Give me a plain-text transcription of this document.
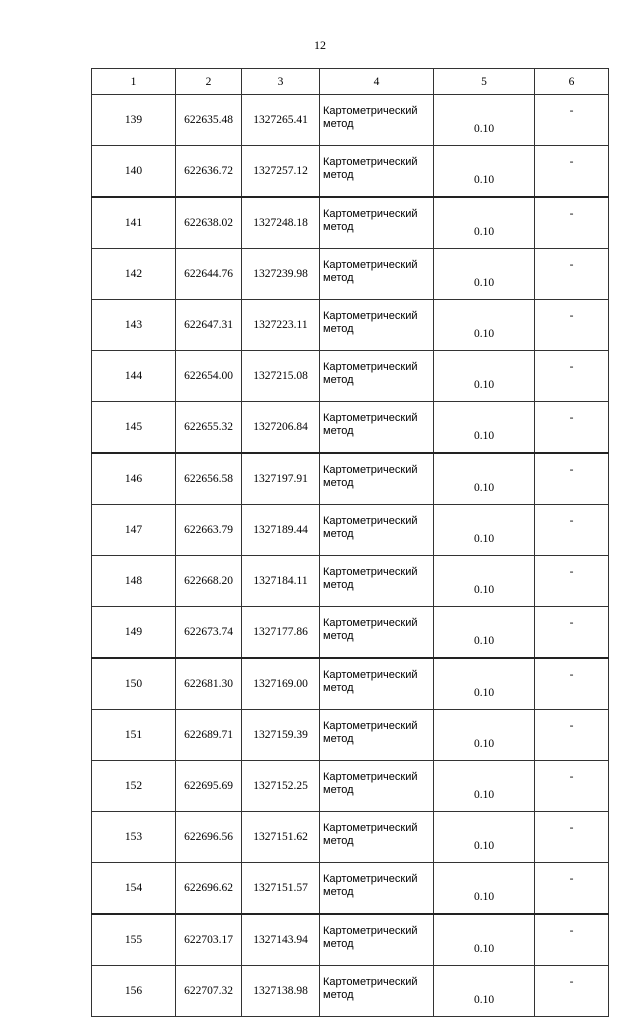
12
1	2	3	4	5	6
139	622635.48	1327265.41	Картометрический метод	0.10	-
140	622636.72	1327257.12	Картометрический метод	0.10	-
141	622638.02	1327248.18	Картометрический метод	0.10	-
142	622644.76	1327239.98	Картометрический метод	0.10	-
143	622647.31	1327223.11	Картометрический метод	0.10	-
144	622654.00	1327215.08	Картометрический метод	0.10	-
145	622655.32	1327206.84	Картометрический метод	0.10	-
146	622656.58	1327197.91	Картометрический метод	0.10	-
147	622663.79	1327189.44	Картометрический метод	0.10	-
148	622668.20	1327184.11	Картометрический метод	0.10	-
149	622673.74	1327177.86	Картометрический метод	0.10	-
150	622681.30	1327169.00	Картометрический метод	0.10	-
151	622689.71	1327159.39	Картометрический метод	0.10	-
152	622695.69	1327152.25	Картометрический метод	0.10	-
153	622696.56	1327151.62	Картометрический метод	0.10	-
154	622696.62	1327151.57	Картометрический метод	0.10	-
155	622703.17	1327143.94	Картометрический метод	0.10	-
156	622707.32	1327138.98	Картометрический метод	0.10	-
